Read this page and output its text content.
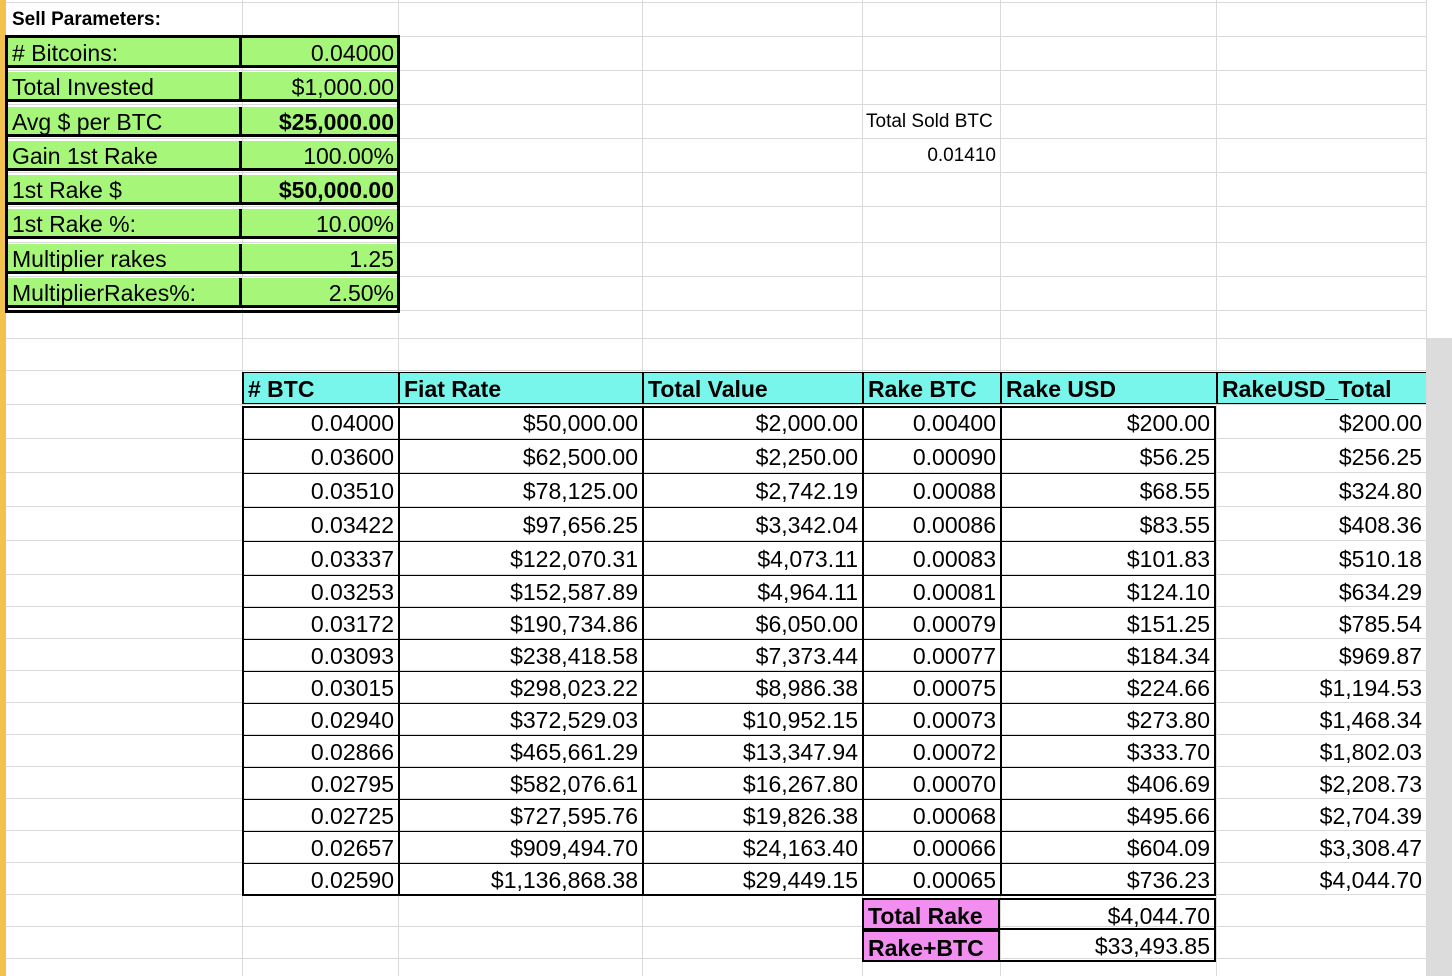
Sell Parameters:
# Bitcoins:	0.04000
Total Invested	$1,000.00
Avg $ per BTC	$25,000.00
Gain 1st Rake	100.00%
1st Rake $	$50,000.00
1st Rake %:	10.00%
Multiplier rakes	1.25
MultiplierRakes%:	2.50%
Total Sold BTC
0.01410
# BTC	Fiat Rate	Total Value	Rake BTC	Rake USD	RakeUSD_Total
0.04000	$50,000.00	$2,000.00	0.00400	$200.00	$200.00
0.03600	$62,500.00	$2,250.00	0.00090	$56.25	$256.25
0.03510	$78,125.00	$2,742.19	0.00088	$68.55	$324.80
0.03422	$97,656.25	$3,342.04	0.00086	$83.55	$408.36
0.03337	$122,070.31	$4,073.11	0.00083	$101.83	$510.18
0.03253	$152,587.89	$4,964.11	0.00081	$124.10	$634.29
0.03172	$190,734.86	$6,050.00	0.00079	$151.25	$785.54
0.03093	$238,418.58	$7,373.44	0.00077	$184.34	$969.87
0.03015	$298,023.22	$8,986.38	0.00075	$224.66	$1,194.53
0.02940	$372,529.03	$10,952.15	0.00073	$273.80	$1,468.34
0.02866	$465,661.29	$13,347.94	0.00072	$333.70	$1,802.03
0.02795	$582,076.61	$16,267.80	0.00070	$406.69	$2,208.73
0.02725	$727,595.76	$19,826.38	0.00068	$495.66	$2,704.39
0.02657	$909,494.70	$24,163.40	0.00066	$604.09	$3,308.47
0.02590	$1,136,868.38	$29,449.15	0.00065	$736.23	$4,044.70
Total Rake	$4,044.70
Rake+BTC	$33,493.85
